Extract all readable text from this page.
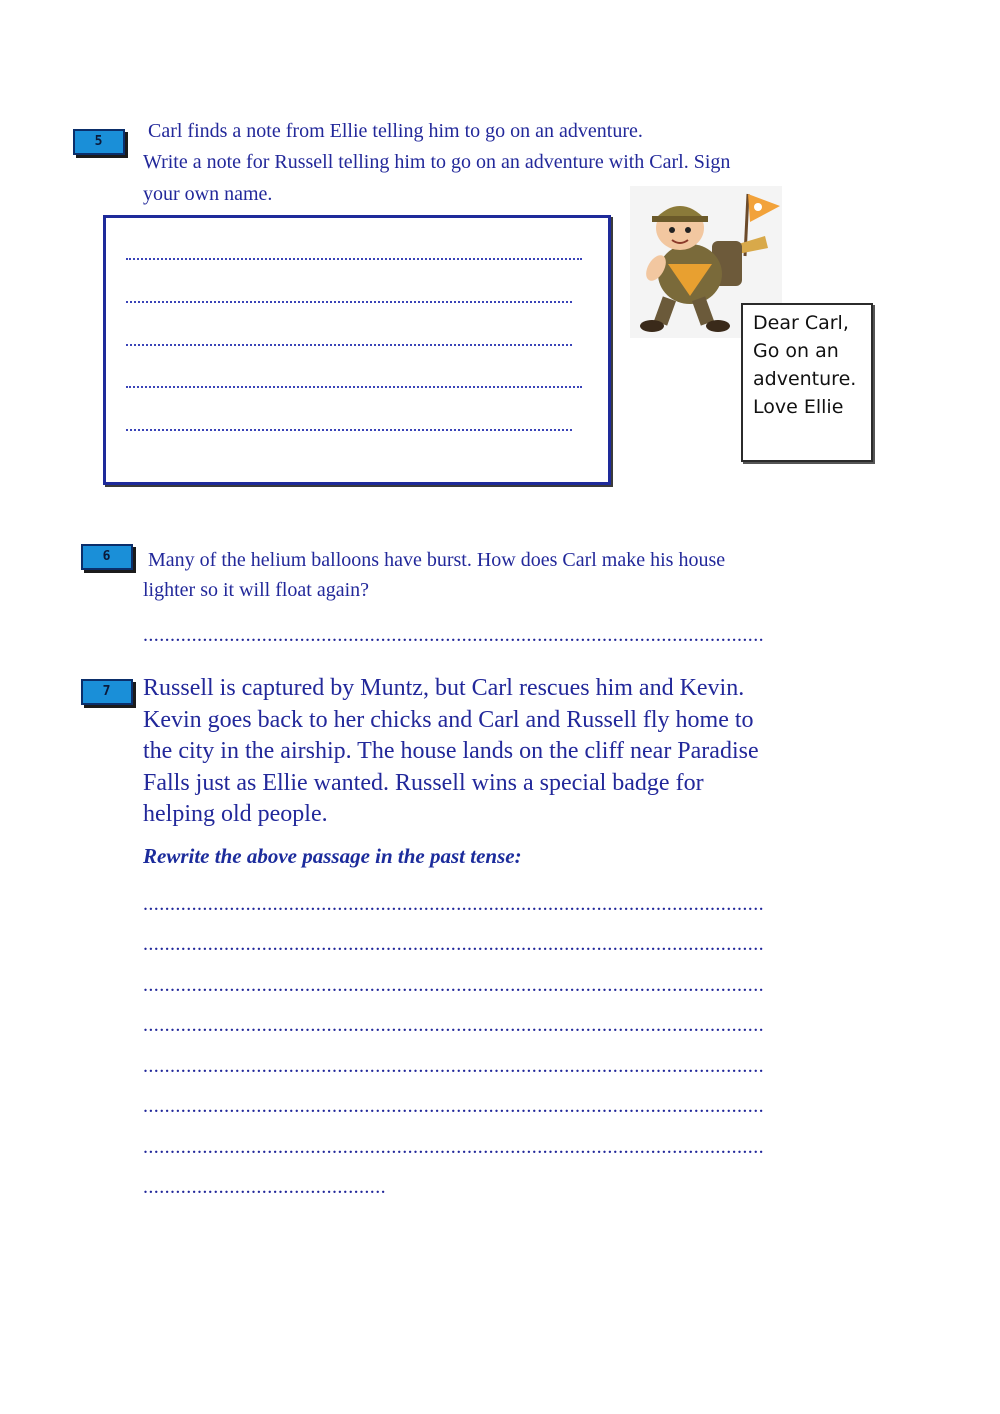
5	Carl finds a note from Ellie telling him to go on an adventure.
Write a note for Russell telling him to go on an adventure with Carl. Sign
your own name.
Dear Carl,
Go on an
adventure.
Love Ellie
6	Many of the helium balloons have burst. How does Carl make his house
lighter so it will float again?
...................................................................................................................
7	Russell is captured by Muntz, but Carl rescues him and Kevin.
Kevin goes back to her chicks and Carl and Russell fly home to
the city in the airship. The house lands on the cliff near Paradise
Falls just as Ellie wanted. Russell wins a special badge for
helping old people.
Rewrite the above passage in the past tense:
...................................................................................................................
...................................................................................................................
...................................................................................................................
...................................................................................................................
...................................................................................................................
...................................................................................................................
...................................................................................................................
.............................................
